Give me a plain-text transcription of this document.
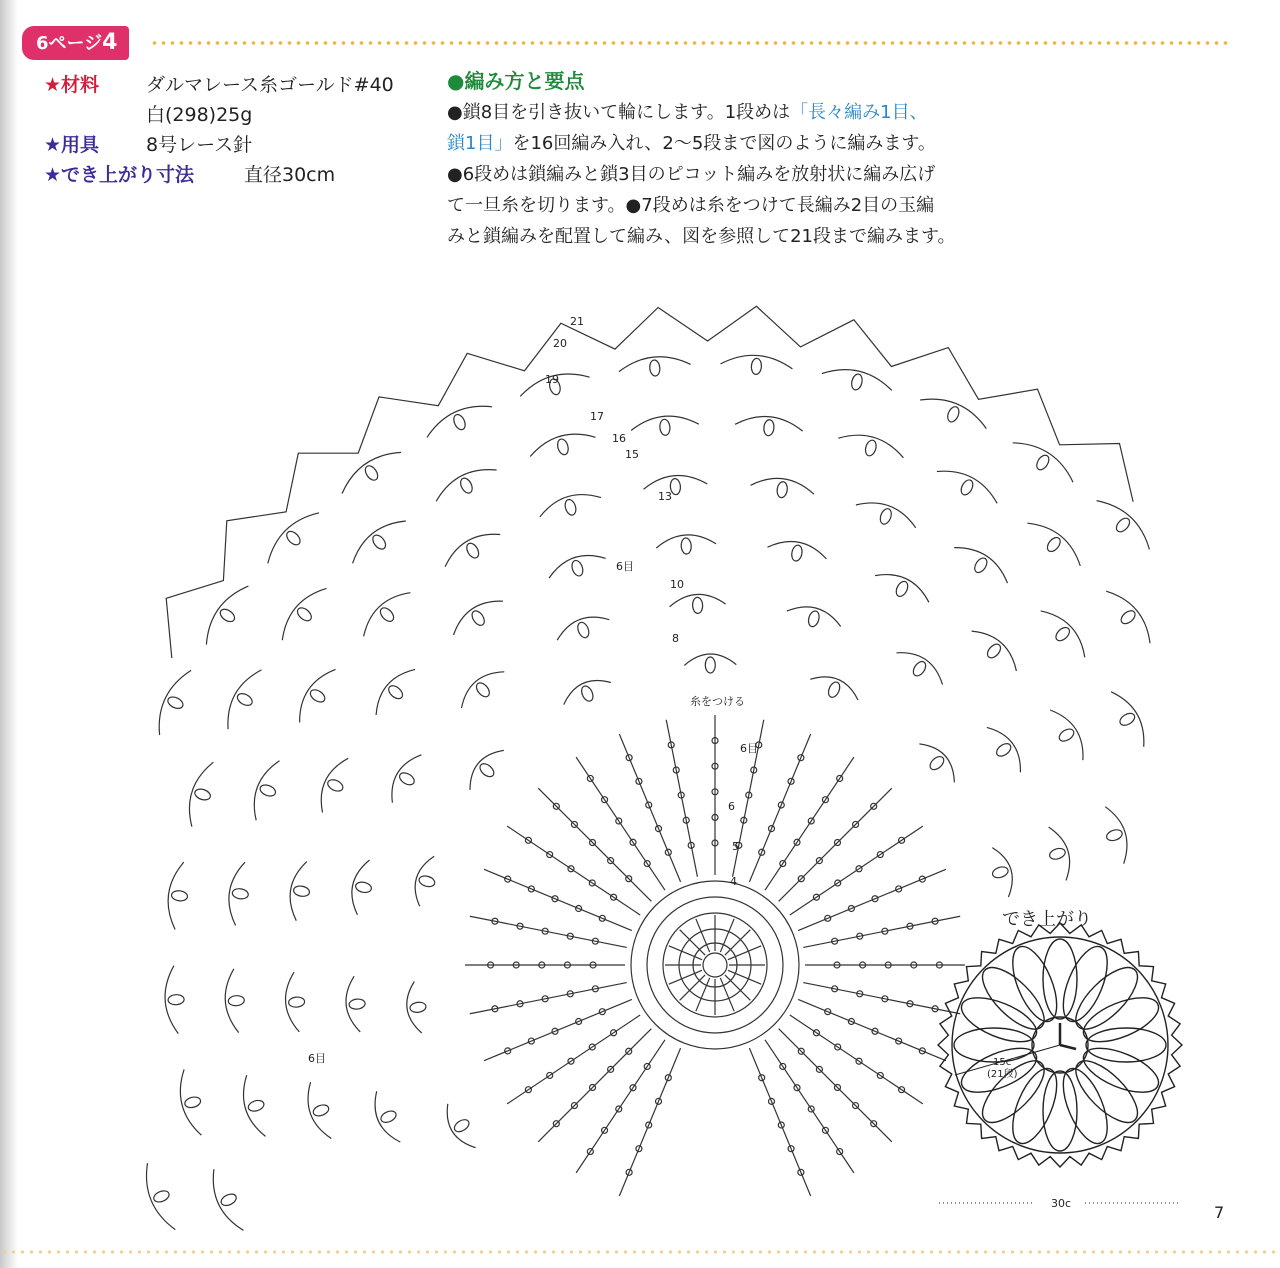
6ページ4
★材料 ダルマレース糸ゴールド#40
白(298)25g
★用具 8号レース針
★でき上がり寸法	直径30cm
●編み方と要点
●鎖8目を引き抜いて輪にします。1段めは「長々編み1目、
鎖1目」を16回編み入れ、2〜5段まで図のように編みます。
●6段めは鎖編みと鎖3目のピコット編みを放射状に編み広げ
て一旦糸を切ります。●7段めは糸をつけて長編み2目の玉編
みと鎖編みを配置して編み、図を参照して21段まで編みます。
4
5
6
8
10
13
15
16
17
19
20
21
6目
6目
6目
糸をつける
でき上がり
15c
(21段)
30c	7
